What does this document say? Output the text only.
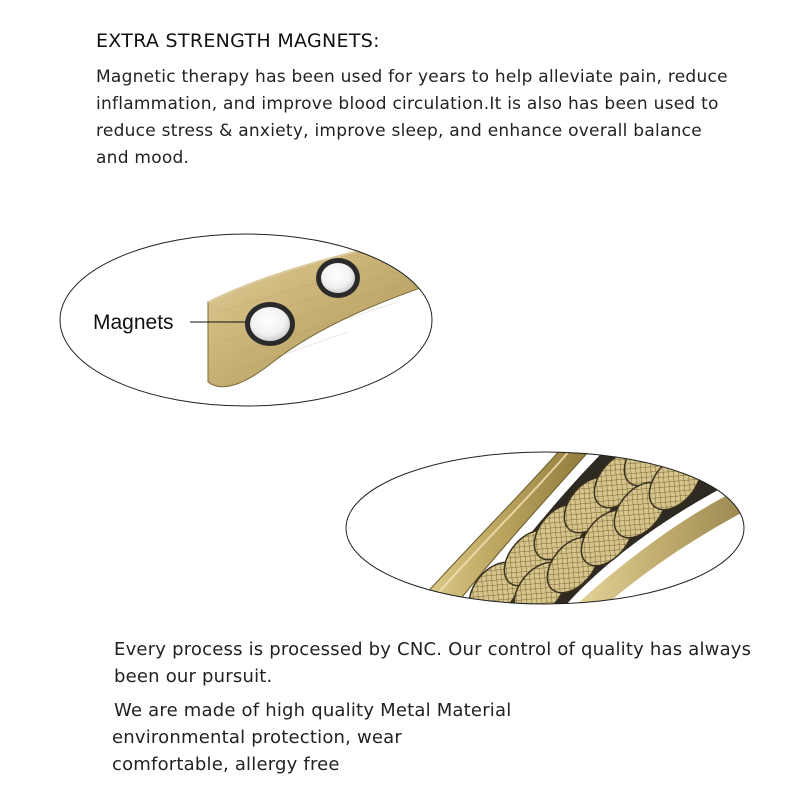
EXTRA STRENGTH MAGNETS:

Magnetic therapy has been used for years to help alleviate pain, reduce inflammation, and improve blood circulation.It is also has been used to reduce stress & anxiety, improve sleep, and enhance overall balance and mood.

Magnets

Every process is processed by CNC. Our control of quality has always been our pursuit.

We are made of high quality Metal Material
environmental protection, wear
comfortable, allergy free
